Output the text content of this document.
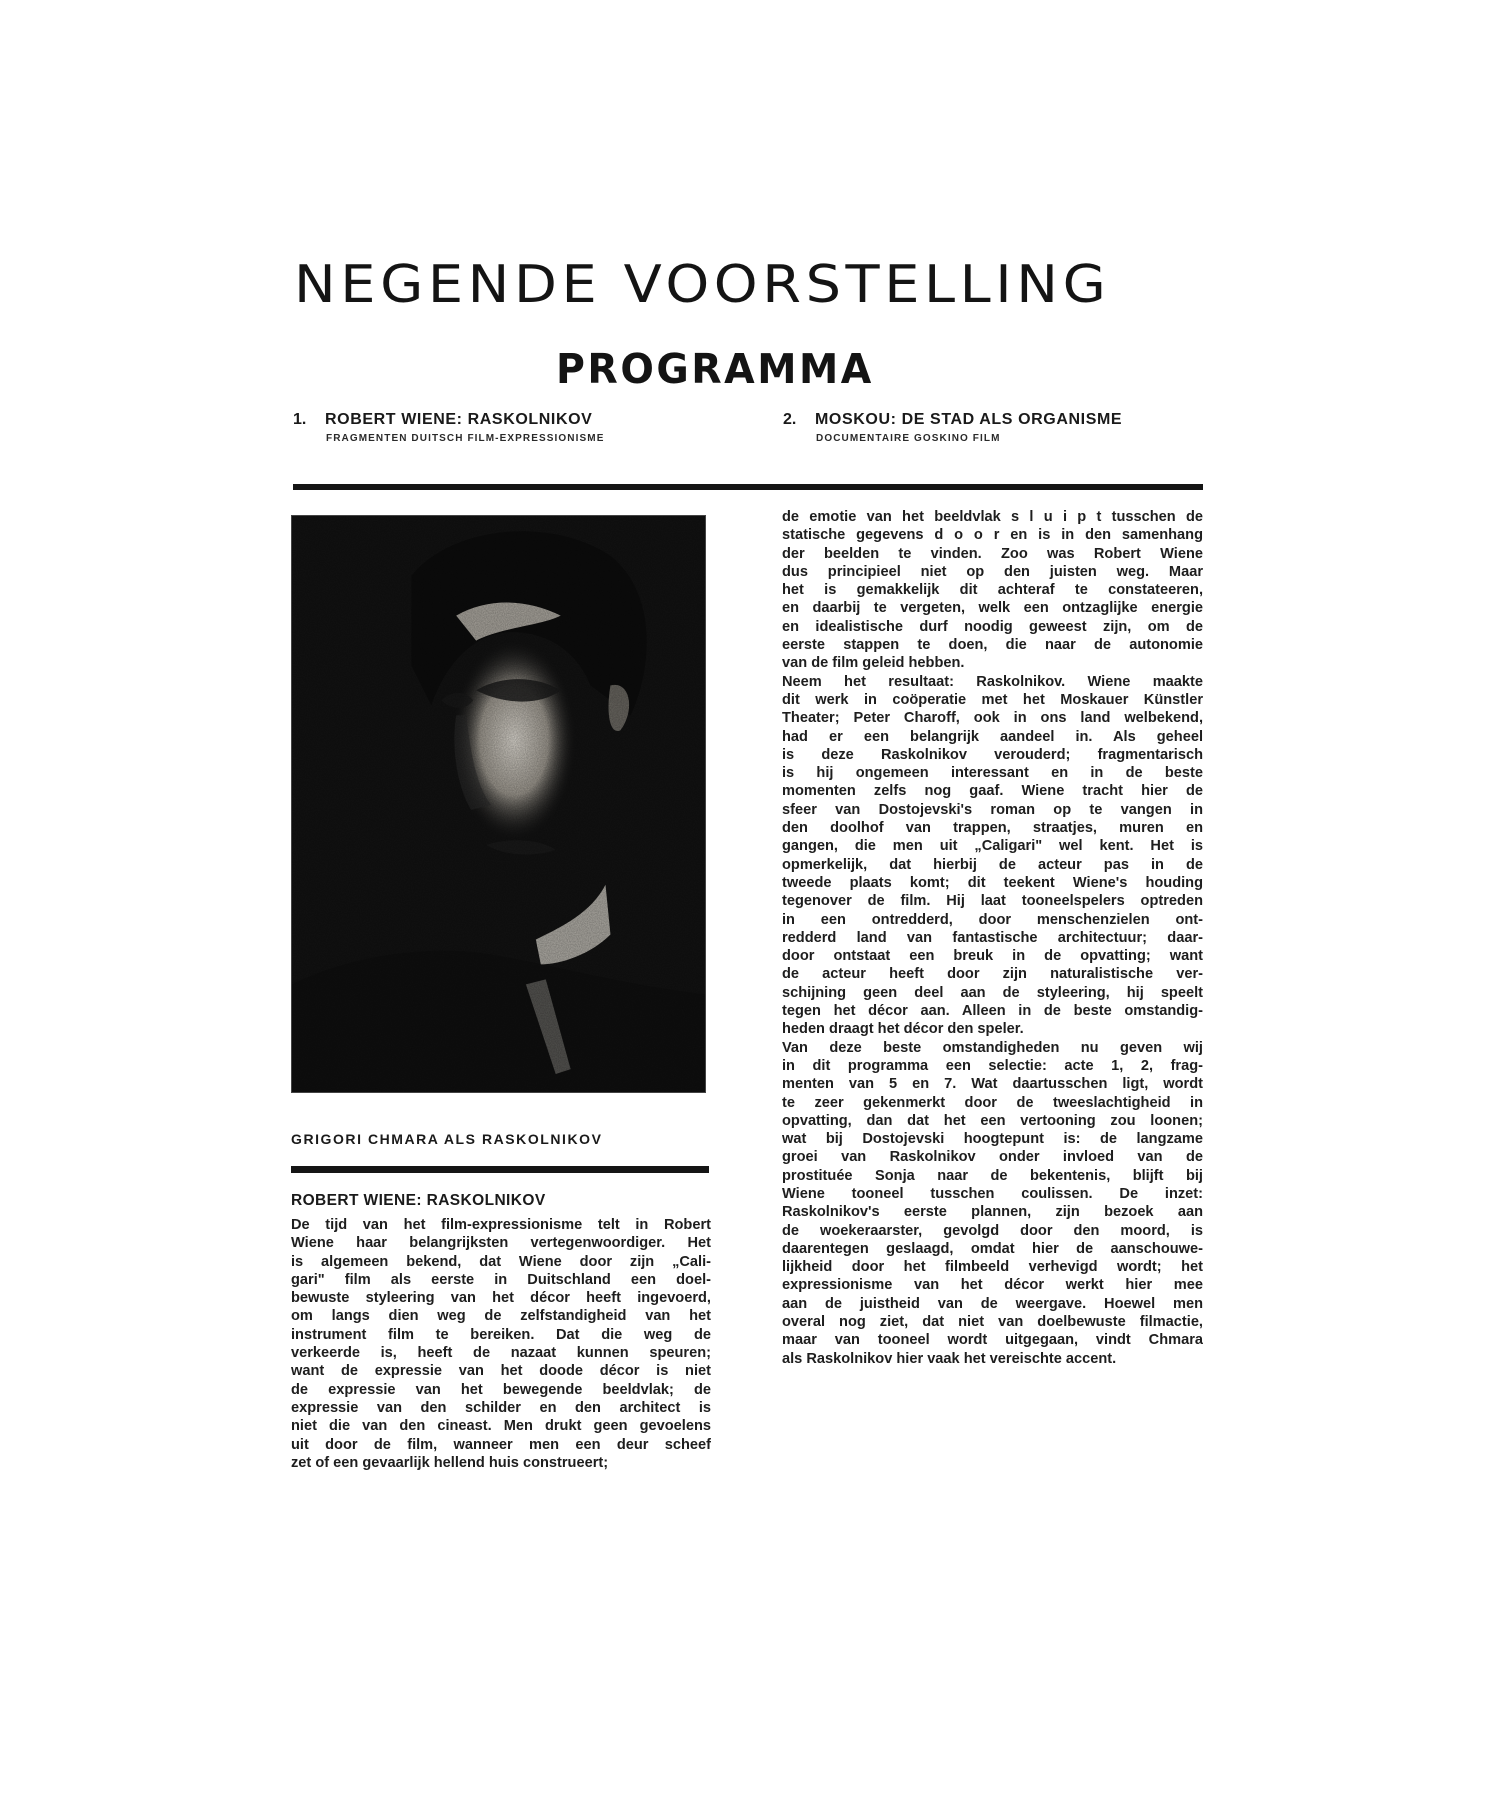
NEGENDE VOORSTELLING
PROGRAMMA
1. ROBERT WIENE: RASKOLNIKOV
FRAGMENTEN DUITSCH FILM-EXPRESSIONISME
2. MOSKOU: DE STAD ALS ORGANISME
DOCUMENTAIRE GOSKINO FILM
GRIGORI CHMARA ALS RASKOLNIKOV
ROBERT WIENE: RASKOLNIKOV
De tijd van het film-expressionisme telt in Robert
Wiene haar belangrijksten vertegenwoordiger. Het
is algemeen bekend, dat Wiene door zijn „Cali-
gari" film als eerste in Duitschland een doel-
bewuste styleering van het décor heeft ingevoerd,
om langs dien weg de zelfstandigheid van het
instrument film te bereiken. Dat die weg de
verkeerde is, heeft de nazaat kunnen speuren;
want de expressie van het doode décor is niet
de expressie van het bewegende beeldvlak; de
expressie van den schilder en den architect is
niet die van den cineast. Men drukt geen gevoelens
uit door de film, wanneer men een deur scheef
zet of een gevaarlijk hellend huis construeert;
de emotie van het beeldvlak s l u i p t tusschen de
statische gegevens d o o r en is in den samenhang
der beelden te vinden. Zoo was Robert Wiene
dus principieel niet op den juisten weg. Maar
het is gemakkelijk dit achteraf te constateeren,
en daarbij te vergeten, welk een ontzaglijke energie
en idealistische durf noodig geweest zijn, om de
eerste stappen te doen, die naar de autonomie
van de film geleid hebben.
Neem het resultaat: Raskolnikov. Wiene maakte
dit werk in coöperatie met het Moskauer Künstler
Theater; Peter Charoff, ook in ons land welbekend,
had er een belangrijk aandeel in. Als geheel
is deze Raskolnikov verouderd; fragmentarisch
is hij ongemeen interessant en in de beste
momenten zelfs nog gaaf. Wiene tracht hier de
sfeer van Dostojevski's roman op te vangen in
den doolhof van trappen, straatjes, muren en
gangen, die men uit „Caligari" wel kent. Het is
opmerkelijk, dat hierbij de acteur pas in de
tweede plaats komt; dit teekent Wiene's houding
tegenover de film. Hij laat tooneelspelers optreden
in een ontredderd, door menschenzielen ont-
redderd land van fantastische architectuur; daar-
door ontstaat een breuk in de opvatting; want
de acteur heeft door zijn naturalistische ver-
schijning geen deel aan de styleering, hij speelt
tegen het décor aan. Alleen in de beste omstandig-
heden draagt het décor den speler.
Van deze beste omstandigheden nu geven wij
in dit programma een selectie: acte 1, 2, frag-
menten van 5 en 7. Wat daartusschen ligt, wordt
te zeer gekenmerkt door de tweeslachtigheid in
opvatting, dan dat het een vertooning zou loonen;
wat bij Dostojevski hoogtepunt is: de langzame
groei van Raskolnikov onder invloed van de
prostituée Sonja naar de bekentenis, blijft bij
Wiene tooneel tusschen coulissen. De inzet:
Raskolnikov's eerste plannen, zijn bezoek aan
de woekeraarster, gevolgd door den moord, is
daarentegen geslaagd, omdat hier de aanschouwe-
lijkheid door het filmbeeld verhevigd wordt; het
expressionisme van het décor werkt hier mee
aan de juistheid van de weergave. Hoewel men
overal nog ziet, dat niet van doelbewuste filmactie,
maar van tooneel wordt uitgegaan, vindt Chmara
als Raskolnikov hier vaak het vereischte accent.
